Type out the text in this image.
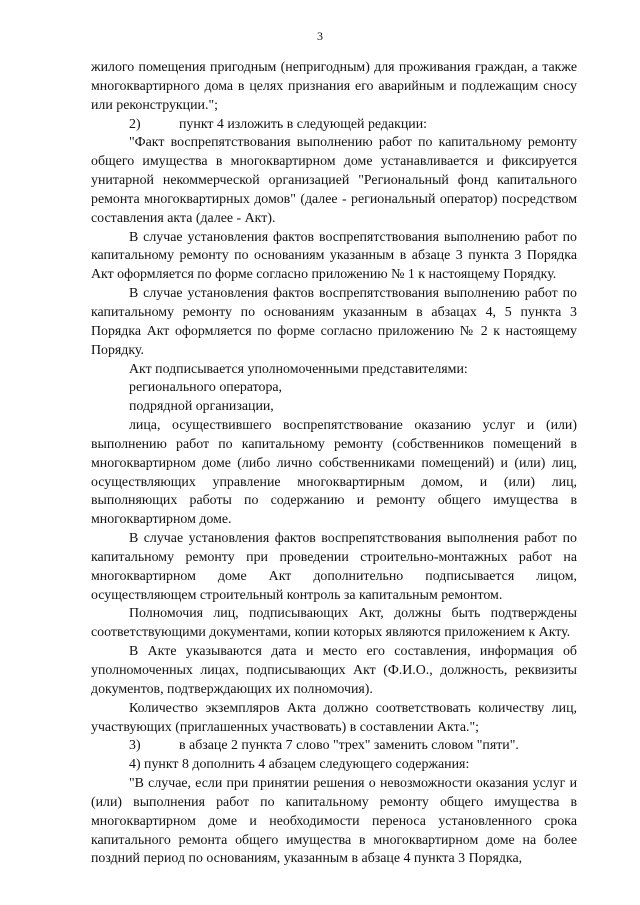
3

жилого помещения пригодным (непригодным) для проживания граждан, а также многоквартирного дома в целях признания его аварийным и подлежащим сносу или реконструкции.";

2)	пункт 4 изложить в следующей редакции:

"Факт воспрепятствования выполнению работ по капитальному ремонту общего имущества в многоквартирном доме устанавливается и фиксируется унитарной некоммерческой организацией "Региональный фонд капитального ремонта многоквартирных домов" (далее - региональный оператор) посредством составления акта (далее - Акт).

В случае установления фактов воспрепятствования выполнению работ по капитальному ремонту по основаниям указанным в абзаце 3 пункта 3 Порядка Акт оформляется по форме согласно приложению № 1 к настоящему Порядку.

В случае установления фактов воспрепятствования выполнению работ по капитальному ремонту по основаниям указанным в абзацах 4, 5 пункта 3 Порядка Акт оформляется по форме согласно приложению № 2 к настоящему Порядку.

Акт подписывается уполномоченными представителями:

регионального оператора,

подрядной организации,

лица, осуществившего воспрепятствование оказанию услуг и (или) выполнению работ по капитальному ремонту (собственников помещений в многоквартирном доме (либо лично собственниками помещений) и (или) лиц, осуществляющих управление многоквартирным домом, и (или) лиц, выполняющих работы по содержанию и ремонту общего имущества в многоквартирном доме.

В случае установления фактов воспрепятствования выполнения работ по капитальному ремонту при проведении строительно-монтажных работ на многоквартирном доме Акт дополнительно подписывается лицом, осуществляющем строительный контроль за капитальным ремонтом.

Полномочия лиц, подписывающих Акт, должны быть подтверждены соответствующими документами, копии которых являются приложением к Акту.

В Акте указываются дата и место его составления, информация об уполномоченных лицах, подписывающих Акт (Ф.И.О., должность, реквизиты документов, подтверждающих их полномочия).

Количество экземпляров Акта должно соответствовать количеству лиц, участвующих (приглашенных участвовать) в составлении Акта.";

3)	в абзаце 2 пункта 7 слово "трех" заменить словом "пяти".

4) пункт 8 дополнить 4 абзацем следующего содержания:

"В случае, если при принятии решения о невозможности оказания услуг и (или) выполнения работ по капитальному ремонту общего имущества в многоквартирном доме и необходимости переноса установленного срока капитального ремонта общего имущества в многоквартирном доме на более поздний период по основаниям, указанным в абзаце 4 пункта 3 Порядка,
